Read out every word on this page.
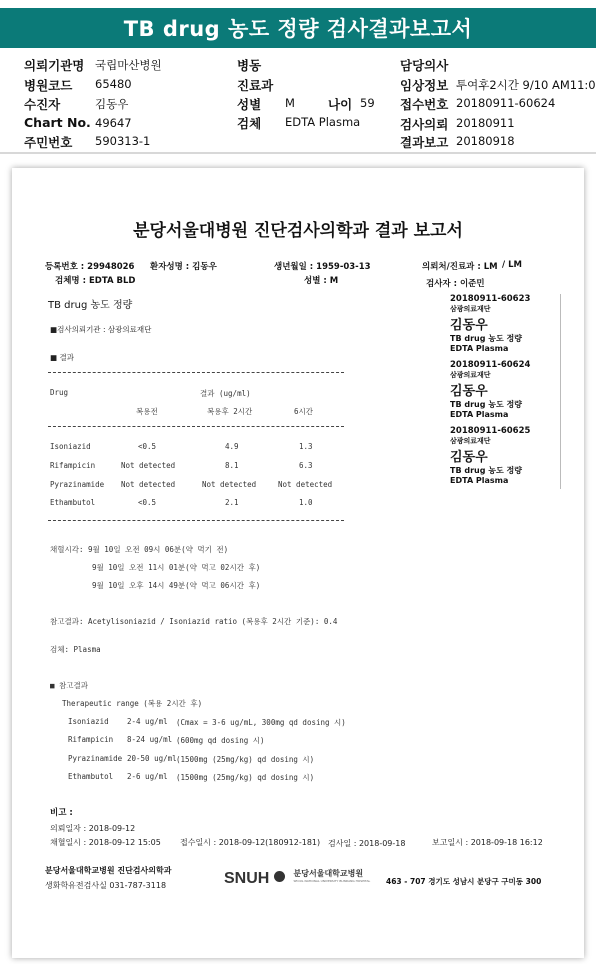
TB drug 농도 정량 검사결과보고서
의뢰기관명 국립마산병원
병원코드 65480
수진자	김동우
Chart No. 49647
주민번호 590313-1
병동
진료과
성별 M	나이 59
검체 EDTA Plasma
담당의사
임상정보 투여후2시간 9/10 AM11:0
접수번호 20180911-60624
검사의뢰 20180911
결과보고 20180918
분당서울대병원 진단검사의학과 결과 보고서
등록번호 : 29948026 환자성명 : 김동우	생년월일 : 1959-03-13	의뢰처/진료과 : LM / LM
검체명 : EDTA BLD	성별 : M	검사자 : 이준민
TB drug 농도 정량
■검사의뢰기관 : 삼광의료재단
■ 결과
Drug	결과 (ug/ml)
복용전	복용후 2시간	6시간
Isoniazid	<0.5	4.9	1.3
Rifampicin	Not detected	8.1	6.3
Pyrazinamide Not detected	Not detected	Not detected
Ethambutol	<0.5	2.1	1.0
채혈시각: 9월 10일 오전 09시 06분(약 먹기 전)
9월 10일 오전 11시 01분(약 먹고 02시간 후)
9월 10일 오후 14시 49분(약 먹고 06시간 후)
참고결과: Acetylisoniazid / Isoniazid ratio (복용후 2시간 기준): 0.4
검체: Plasma
■ 참고결과
Therapeutic range (복용 2시간 후)
Isoniazid 2-4 ug/ml (Cmax = 3-6 ug/mL, 300mg qd dosing 시)
Rifampicin 8-24 ug/ml (600mg qd dosing 시)
Pyrazinamide 20-50 ug/ml (1500mg (25mg/kg) qd dosing 시)
Ethambutol 2-6 ug/ml (1500mg (25mg/kg) qd dosing 시)
비고 :
의뢰일자 : 2018-09-12
채혈일시 : 2018-09-12 15:05 접수일시 : 2018-09-12(180912-181) 검사일 : 2018-09-18	보고일시 : 2018-09-18 16:12
분당서울대학교병원 진단검사의학과
생화학유전검사실 031-787-3118	SNUH	분당서울대학교병원
SEOUL NATIONAL UNIVERSITY BUNDANG HOSPITAL 463 - 707 경기도 성남시 분당구 구미동 300
20180911-60623
삼광의료재단
김동우
TB drug 농도 정량
EDTA Plasma
20180911-60624
삼광의료재단
김동우
TB drug 농도 정량
EDTA Plasma
20180911-60625
삼광의료재단
김동우
TB drug 농도 정량
EDTA Plasma
